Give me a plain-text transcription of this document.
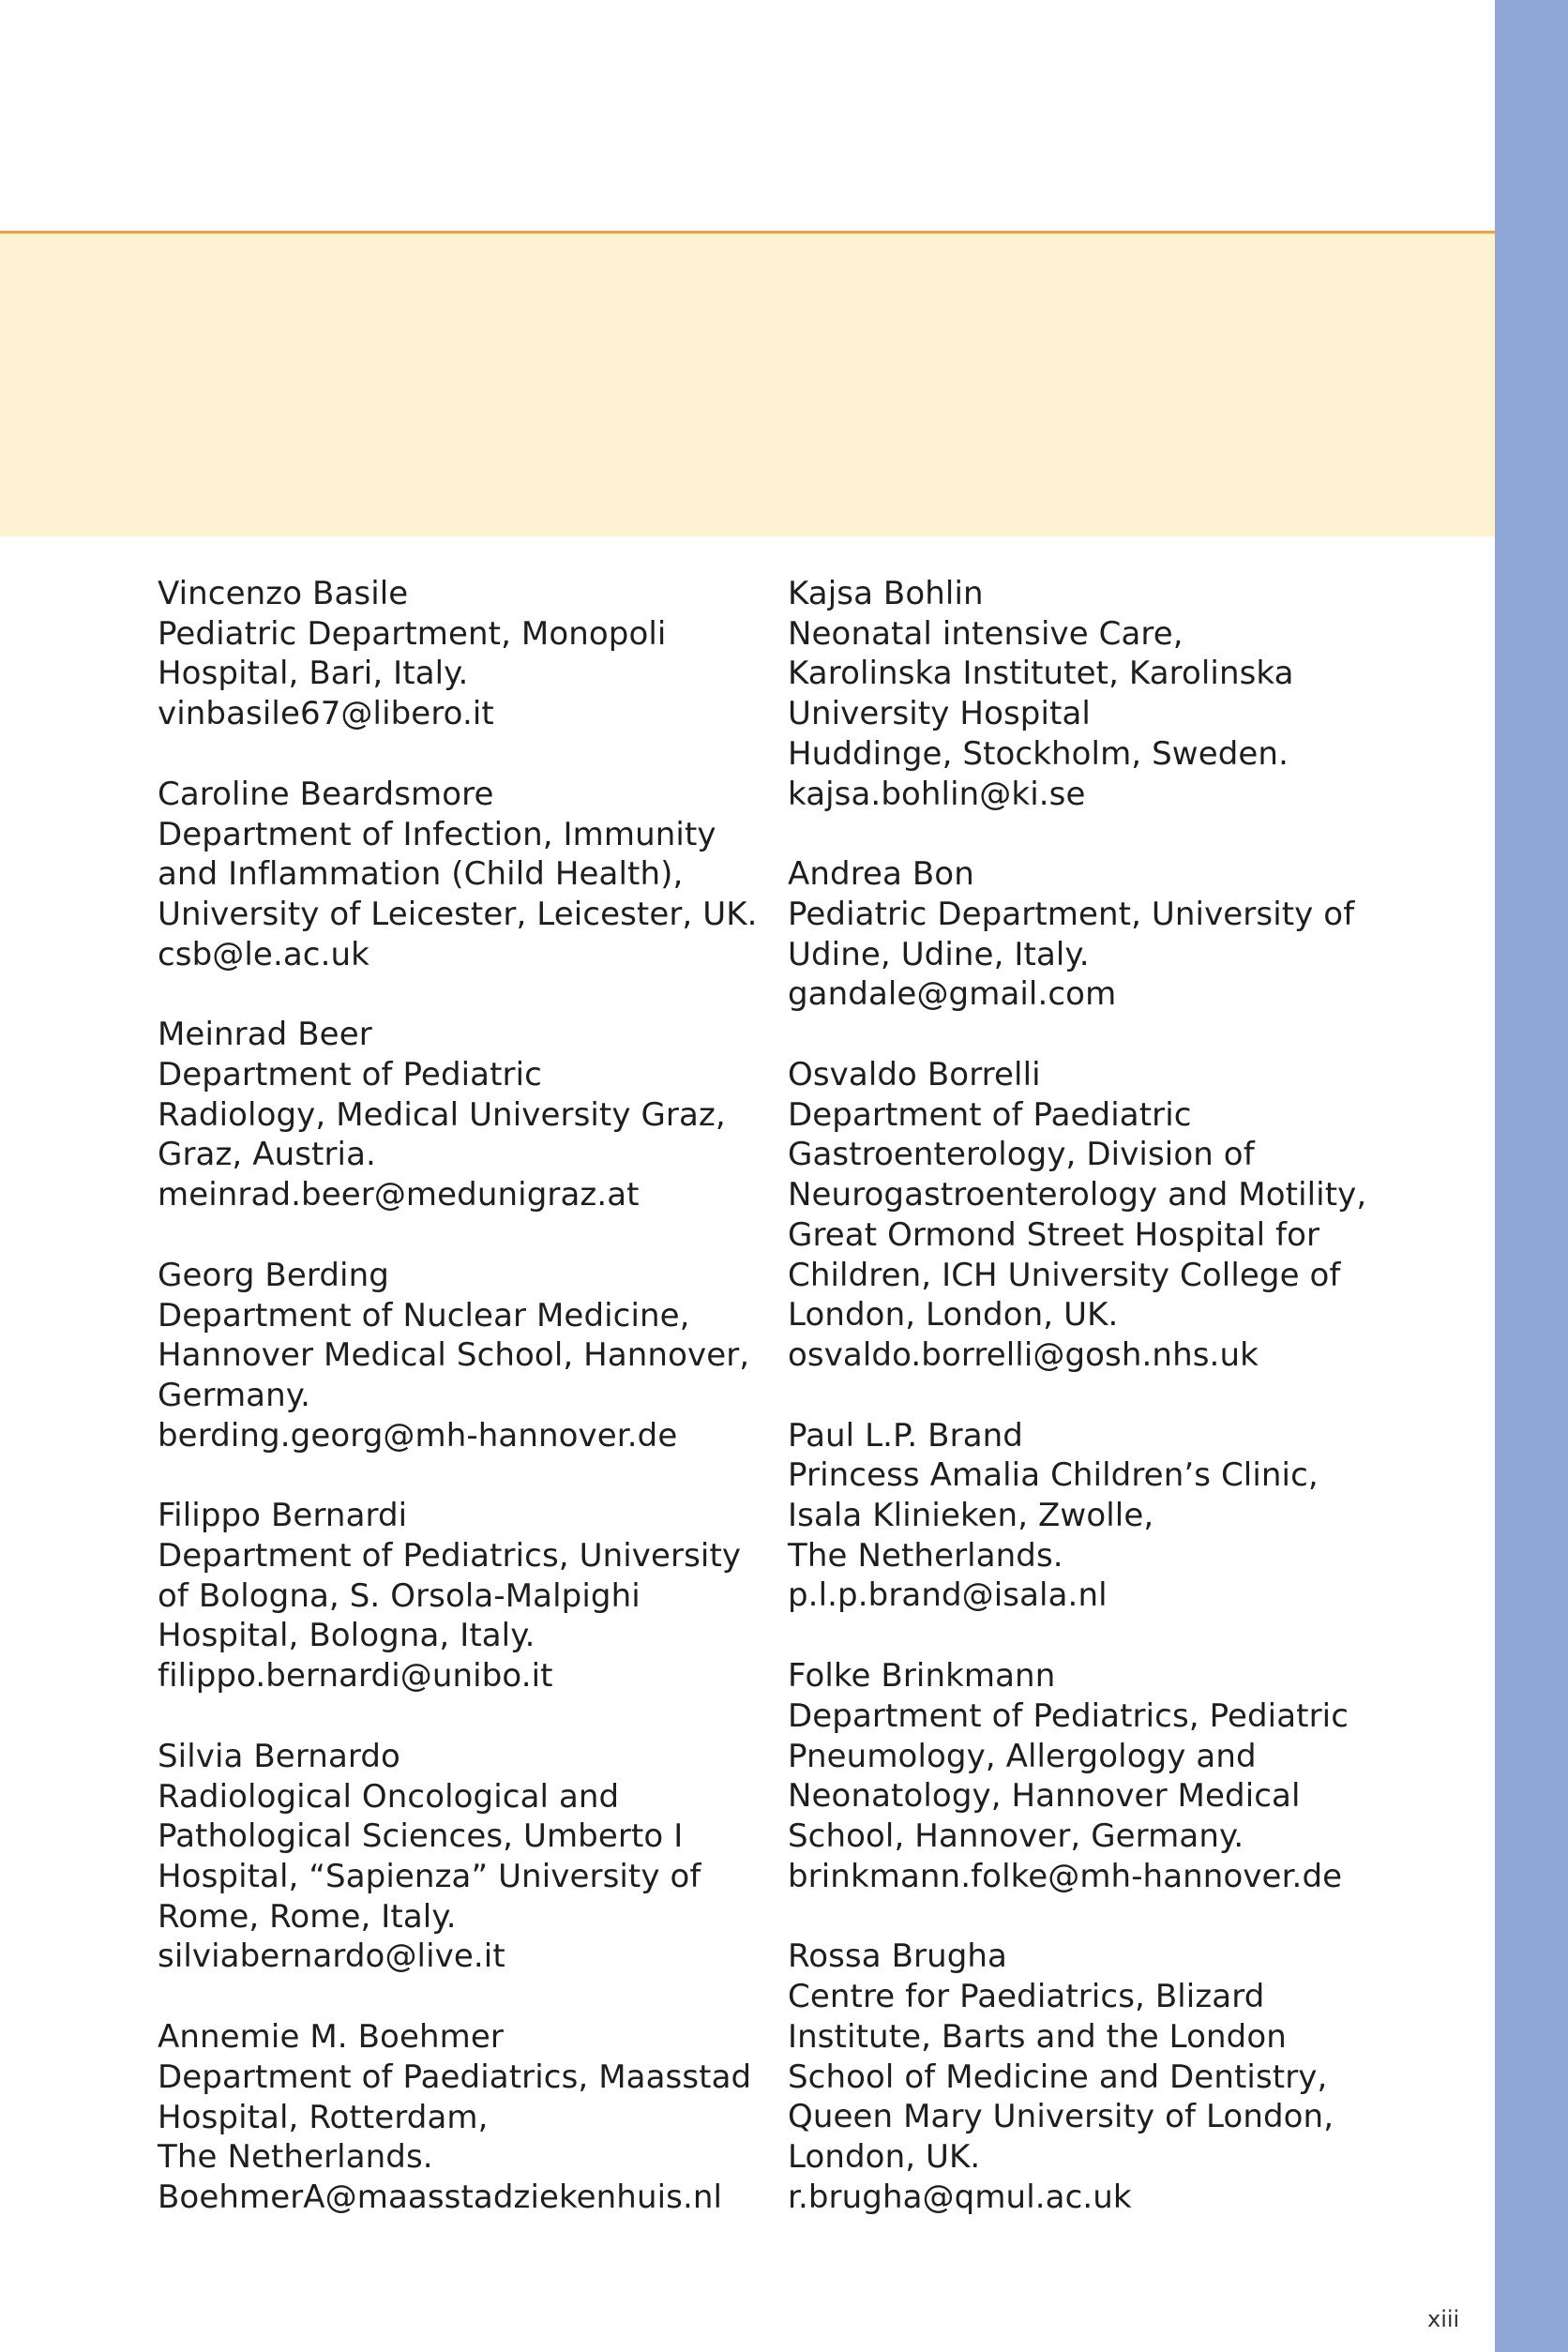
Vincenzo Basile
Pediatric Department, Monopoli
Hospital, Bari, Italy.
vinbasile67@libero.it
Caroline Beardsmore
Department of Infection, Immunity
and Inflammation (Child Health),
University of Leicester, Leicester, UK.
csb@le.ac.uk
Meinrad Beer
Department of Pediatric
Radiology, Medical University Graz,
Graz, Austria.
meinrad.beer@medunigraz.at
Georg Berding
Department of Nuclear Medicine,
Hannover Medical School, Hannover,
Germany.
berding.georg@mh-hannover.de
Filippo Bernardi
Department of Pediatrics, University
of Bologna, S. Orsola-Malpighi
Hospital, Bologna, Italy.
filippo.bernardi@unibo.it
Silvia Bernardo
Radiological Oncological and
Pathological Sciences, Umberto I
Hospital, “Sapienza” University of
Rome, Rome, Italy.
silviabernardo@live.it
Annemie M. Boehmer
Department of Paediatrics, Maasstad
Hospital, Rotterdam,
The Netherlands.
BoehmerA@maasstadziekenhuis.nl
Kajsa Bohlin
Neonatal intensive Care,
Karolinska Institutet, Karolinska
University Hospital
Huddinge, Stockholm, Sweden.
kajsa.bohlin@ki.se
Andrea Bon
Pediatric Department, University of
Udine, Udine, Italy.
gandale@gmail.com
Osvaldo Borrelli
Department of Paediatric
Gastroenterology, Division of
Neurogastroenterology and Motility,
Great Ormond Street Hospital for
Children, ICH University College of
London, London, UK.
osvaldo.borrelli@gosh.nhs.uk
Paul L.P. Brand
Princess Amalia Children’s Clinic,
Isala Klinieken, Zwolle,
The Netherlands.
p.l.p.brand@isala.nl
Folke Brinkmann
Department of Pediatrics, Pediatric
Pneumology, Allergology and
Neonatology, Hannover Medical
School, Hannover, Germany.
brinkmann.folke@mh-hannover.de
Rossa Brugha
Centre for Paediatrics, Blizard
Institute, Barts and the London
School of Medicine and Dentistry,
Queen Mary University of London,
London, UK.
r.brugha@qmul.ac.uk
xiii
